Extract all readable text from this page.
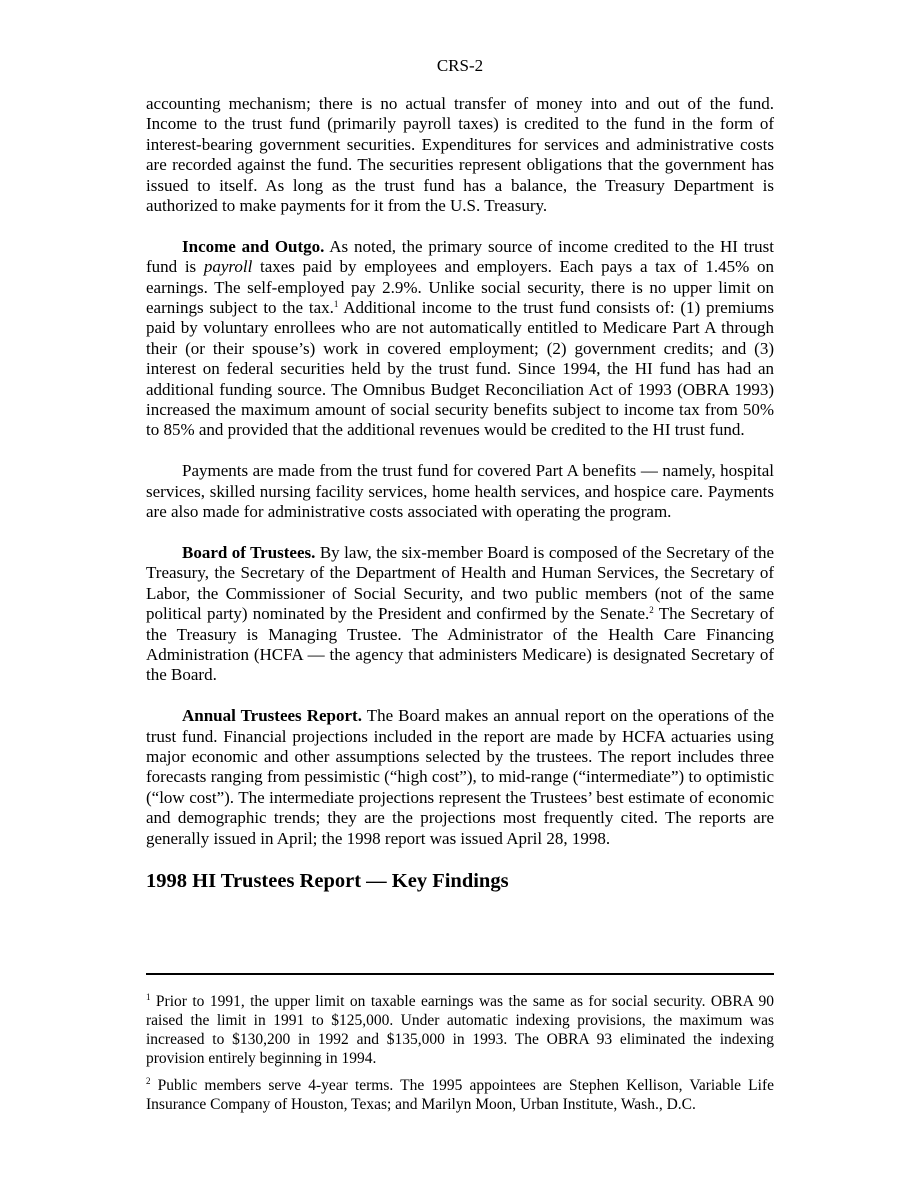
CRS-2

accounting mechanism; there is no actual transfer of money into and out of the fund. Income to the trust fund (primarily payroll taxes) is credited to the fund in the form of interest-bearing government securities. Expenditures for services and administrative costs are recorded against the fund. The securities represent obligations that the government has issued to itself. As long as the trust fund has a balance, the Treasury Department is authorized to make payments for it from the U.S. Treasury.

Income and Outgo. As noted, the primary source of income credited to the HI trust fund is payroll taxes paid by employees and employers. Each pays a tax of 1.45% on earnings. The self-employed pay 2.9%. Unlike social security, there is no upper limit on earnings subject to the tax.$^1$ Additional income to the trust fund consists of: (1) premiums paid by voluntary enrollees who are not automatically entitled to Medicare Part A through their (or their spouse’s) work in covered employment; (2) government credits; and (3) interest on federal securities held by the trust fund. Since 1994, the HI fund has had an additional funding source. The Omnibus Budget Reconciliation Act of 1993 (OBRA 1993) increased the maximum amount of social security benefits subject to income tax from 50% to 85% and provided that the additional revenues would be credited to the HI trust fund.

Payments are made from the trust fund for covered Part A benefits — namely, hospital services, skilled nursing facility services, home health services, and hospice care. Payments are also made for administrative costs associated with operating the program.

Board of Trustees. By law, the six-member Board is composed of the Secretary of the Treasury, the Secretary of the Department of Health and Human Services, the Secretary of Labor, the Commissioner of Social Security, and two public members (not of the same political party) nominated by the President and confirmed by the Senate.$^2$ The Secretary of the Treasury is Managing Trustee. The Administrator of the Health Care Financing Administration (HCFA — the agency that administers Medicare) is designated Secretary of the Board.

Annual Trustees Report. The Board makes an annual report on the operations of the trust fund. Financial projections included in the report are made by HCFA actuaries using major economic and other assumptions selected by the trustees. The report includes three forecasts ranging from pessimistic (“high cost”), to mid-range (“intermediate”) to optimistic (“low cost”). The intermediate projections represent the Trustees’ best estimate of economic and demographic trends; they are the projections most frequently cited. The reports are generally issued in April; the 1998 report was issued April 28, 1998.

1998 HI Trustees Report — Key Findings

$^1$ Prior to 1991, the upper limit on taxable earnings was the same as for social security. OBRA 90 raised the limit in 1991 to $125,000. Under automatic indexing provisions, the maximum was increased to $130,200 in 1992 and $135,000 in 1993. The OBRA 93 eliminated the indexing provision entirely beginning in 1994.

$^2$ Public members serve 4-year terms. The 1995 appointees are Stephen Kellison, Variable Life Insurance Company of Houston, Texas; and Marilyn Moon, Urban Institute, Wash., D.C.
